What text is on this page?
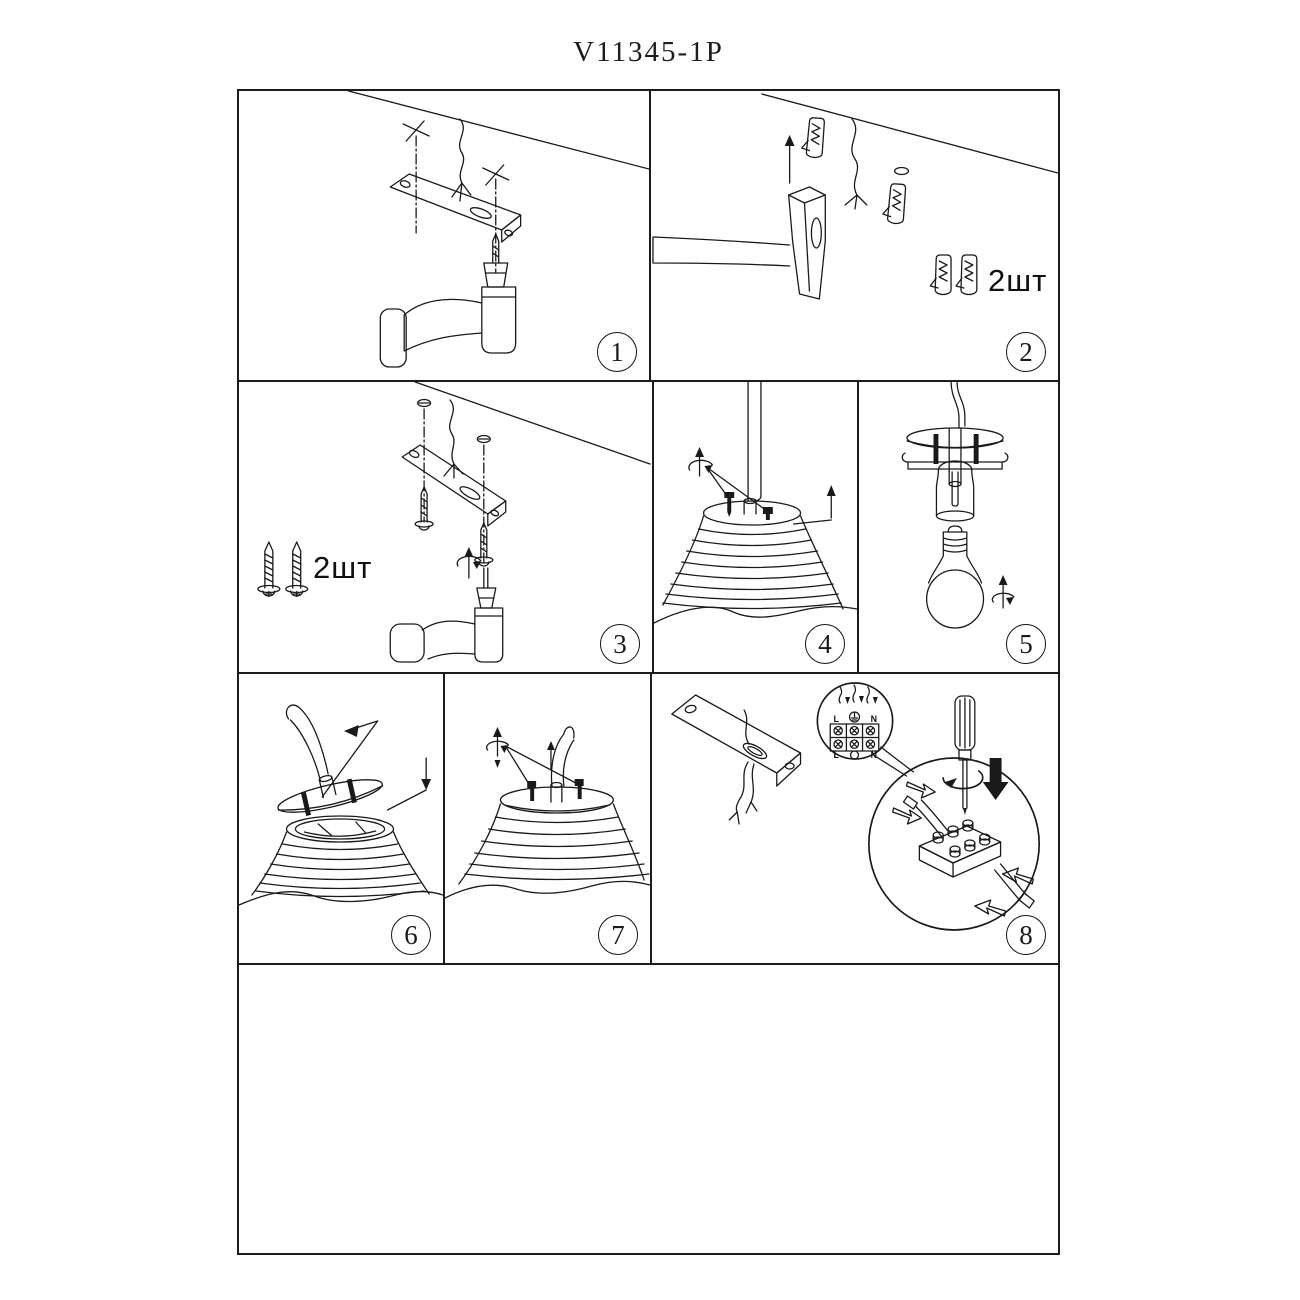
V11345-1P
1
2шт
2
2шт
3	4	5
6	7
L	N
L	N
8
